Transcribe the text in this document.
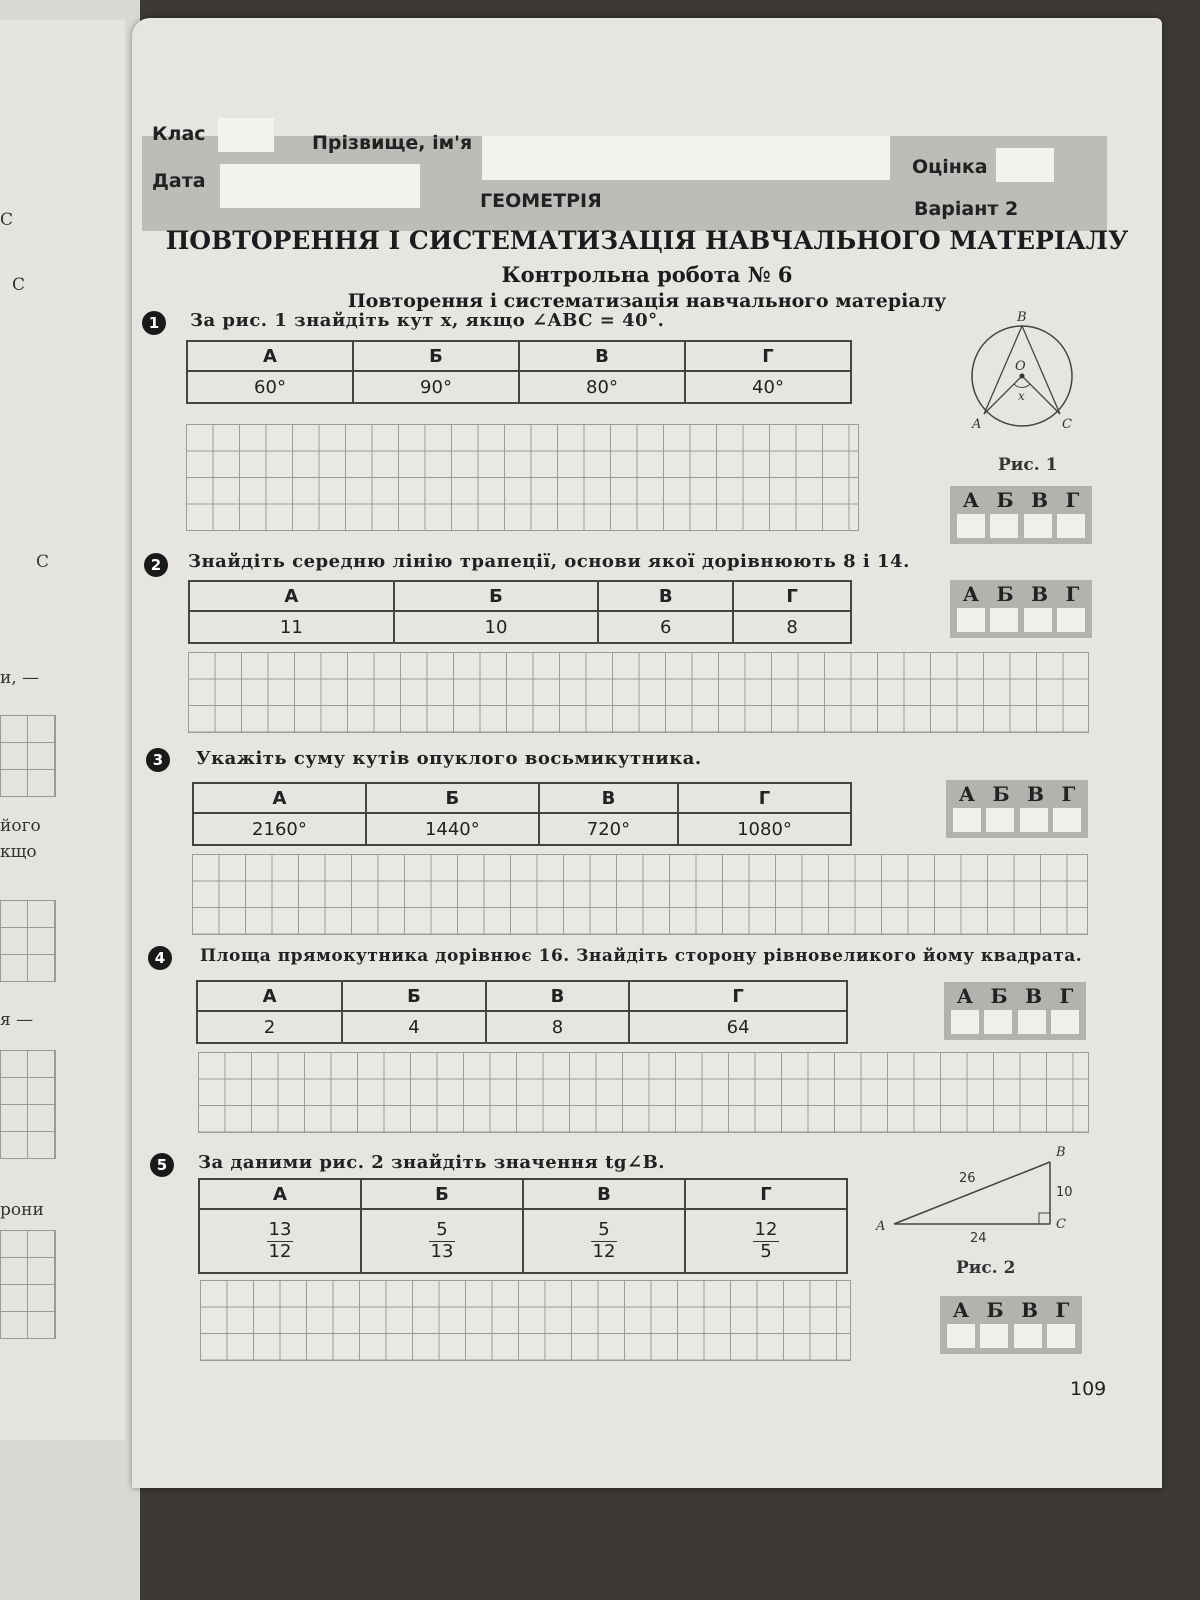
С
С
С
и, —
його
кщо
я —
рони
Клас	Прізвище, ім'я
Оцінка
Дата
ГЕОМЕТРІЯ	Варіант 2
ПОВТОРЕННЯ І СИСТЕМАТИЗАЦІЯ НАВЧАЛЬНОГО МАТЕРІАЛУ
Контрольна робота № 6
Повторення і систематизація навчального матеріалу
1	За рис. 1 знайдіть кут x, якщо ∠ABC = 40°.
А	Б	В	Г
60°	90°	80°	40°
B
O
x
A	C
Рис. 1
А Б В Г
2	Знайдіть середню лінію трапеції, основи якої дорівнюють 8 і 14.
А	Б	В	Г
11	10	6	8
А Б В Г
3	Укажіть суму кутів опуклого восьмикутника.
А	Б	В	Г
2160°	1440°	720°	1080°
А Б В Г
4	Площа прямокутника дорівнює 16. Знайдіть сторону рівновеликого йому квадрата.
А	Б	В	Г
2	4	8	64
А Б В Г
5	За даними рис. 2 знайдіть значення tg∠B.
А	Б	В	Г

$\frac{13}{12}$	$\frac{5}{13}$	$\frac{5}{12}$	$\frac{12}{5}$
B
A	C
26
10
24
Рис. 2
А Б В Г
109
